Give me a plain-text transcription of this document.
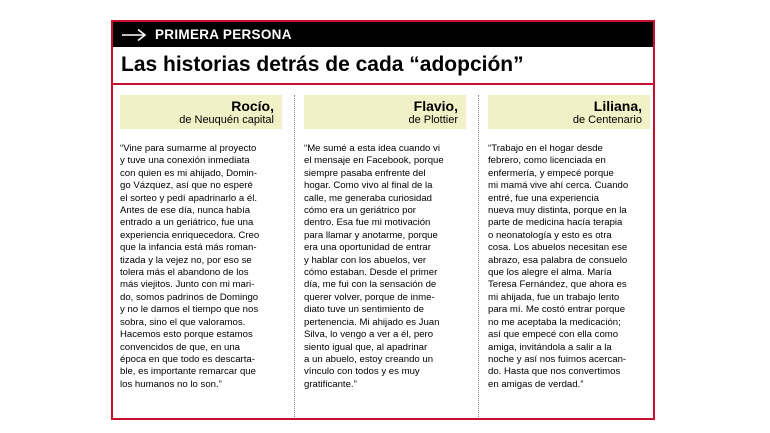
PRIMERA PERSONA
Las historias detrás de cada “adopción”
Rocío,
de Neuquén capital
“Vine para sumarme al proyecto
y tuve una conexión inmediata
con quien es mi ahijado, Domin-
go Vázquez, así que no esperé
el sorteo y pedí apadrinarlo a él.
Antes de ese día, nunca había
entrado a un geriátrico, fue una
experiencia enriquecedora. Creo
que la infancia está más roman-
tizada y la vejez no, por eso se
tolera más el abandono de los
más viejitos. Junto con mi mari-
do, somos padrinos de Domingo
y no le damos el tiempo que nos
sobra, sino el que valoramos.
Hacemos esto porque estamos
convencidos de que, en una
época en que todo es descarta-
ble, es importante remarcar que
los humanos no lo son.”
Flavio,
de Plottier
“Me sumé a esta idea cuando vi
el mensaje en Facebook, porque
siempre pasaba enfrente del
hogar. Como vivo al final de la
calle, me generaba curiosidad
cómo era un geriátrico por
dentro. Esa fue mi motivación
para llamar y anotarme, porque
era una oportunidad de entrar
y hablar con los abuelos, ver
cómo estaban. Desde el primer
día, me fui con la sensación de
querer volver, porque de inme-
diato tuve un sentimiento de
pertenencia. Mi ahijado es Juan
Silva, lo vengo a ver a él, pero
siento igual que, al apadrinar
a un abuelo, estoy creando un
vínculo con todos y es muy
gratificante.”
Liliana,
de Centenario
“Trabajo en el hogar desde
febrero, como licenciada en
enfermería, y empecé porque
mi mamá vive ahí cerca. Cuando
entré, fue una experiencia
nueva muy distinta, porque en la
parte de medicina hacía terapia
o neonatología y esto es otra
cosa. Los abuelos necesitan ese
abrazo, esa palabra de consuelo
que los alegre el alma. María
Teresa Fernández, que ahora es
mi ahijada, fue un trabajo lento
para mí. Me costó entrar porque
no me aceptaba la medicación;
así que empecé con ella como
amiga, invitándola a salir a la
noche y así nos fuimos acercan-
do. Hasta que nos convertimos
en amigas de verdad.”
